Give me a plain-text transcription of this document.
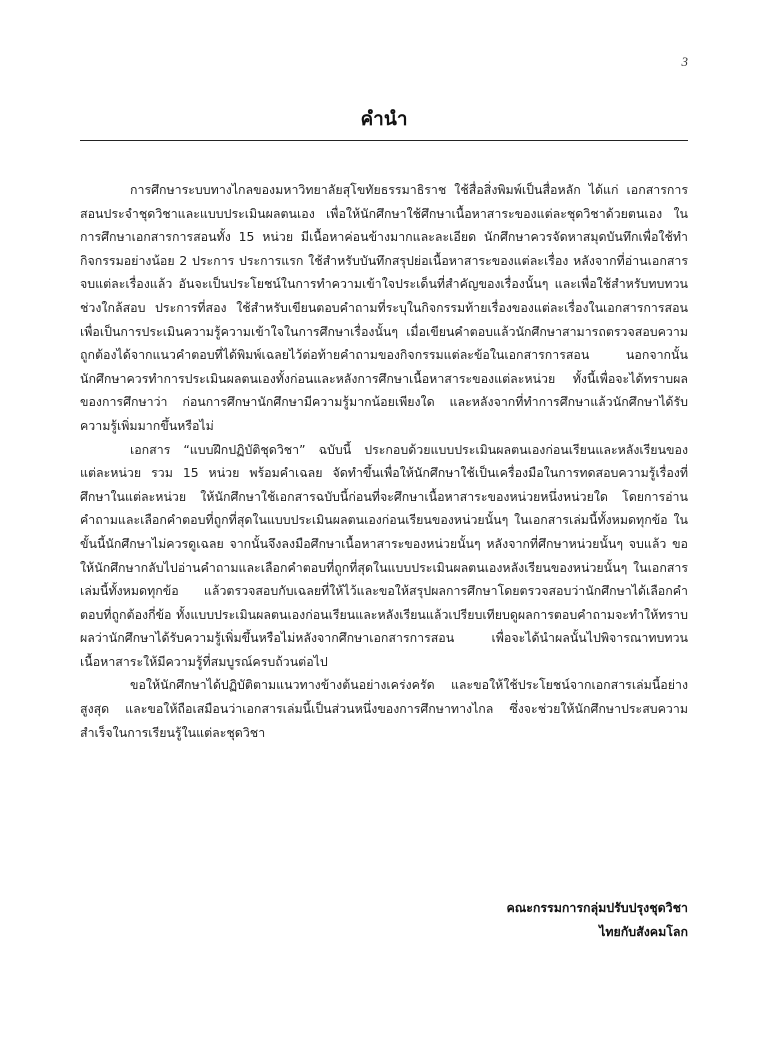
3
คำนำ

การศึกษาระบบทางไกลของมหาวิทยาลัยสุโขทัยธรรมาธิราช ใช้สื่อสิ่งพิมพ์เป็นสื่อหลัก ได้แก่ เอกสารการสอนประจำชุดวิชาและแบบประเมินผลตนเอง เพื่อให้นักศึกษาใช้ศึกษาเนื้อหาสาระของแต่ละชุดวิชาด้วยตนเอง ในการศึกษาเอกสารการสอนทั้ง 15 หน่วย มีเนื้อหาค่อนข้างมากและละเอียด นักศึกษาควรจัดหาสมุดบันทึกเพื่อใช้ทำกิจกรรมอย่างน้อย 2 ประการ ประการแรก ใช้สำหรับบันทึกสรุปย่อเนื้อหาสาระของแต่ละเรื่อง หลังจากที่อ่านเอกสารจบแต่ละเรื่องแล้ว อันจะเป็นประโยชน์ในการทำความเข้าใจประเด็นที่สำคัญของเรื่องนั้นๆ และเพื่อใช้สำหรับทบทวนช่วงใกล้สอบ ประการที่สอง ใช้สำหรับเขียนตอบคำถามที่ระบุในกิจกรรมท้ายเรื่องของแต่ละเรื่องในเอกสารการสอน เพื่อเป็นการประเมินความรู้ความเข้าใจในการศึกษาเรื่องนั้นๆ เมื่อเขียนคำตอบแล้วนักศึกษาสามารถตรวจสอบความถูกต้องได้จากแนวคำตอบที่ได้พิมพ์เฉลยไว้ต่อท้ายคำถามของกิจกรรมแต่ละข้อในเอกสารการสอน นอกจากนั้น นักศึกษาควรทำการประเมินผลตนเองทั้งก่อนและหลังการศึกษาเนื้อหาสาระของแต่ละหน่วย ทั้งนี้เพื่อจะได้ทราบผลของการศึกษาว่า ก่อนการศึกษานักศึกษามีความรู้มากน้อยเพียงใด และหลังจากที่ทำการศึกษาแล้วนักศึกษาได้รับความรู้เพิ่มมากขึ้นหรือไม่

เอกสาร “แบบฝึกปฏิบัติชุดวิชา” ฉบับนี้ ประกอบด้วยแบบประเมินผลตนเองก่อนเรียนและหลังเรียนของแต่ละหน่วย รวม 15 หน่วย พร้อมคำเฉลย จัดทำขึ้นเพื่อให้นักศึกษาใช้เป็นเครื่องมือในการทดสอบความรู้เรื่องที่ศึกษาในแต่ละหน่วย ให้นักศึกษาใช้เอกสารฉบับนี้ก่อนที่จะศึกษาเนื้อหาสาระของหน่วยหนึ่งหน่วยใด โดยการอ่านคำถามและเลือกคำตอบที่ถูกที่สุดในแบบประเมินผลตนเองก่อนเรียนของหน่วยนั้นๆ ในเอกสารเล่มนี้ทั้งหมดทุกข้อ ในขั้นนี้นักศึกษาไม่ควรดูเฉลย จากนั้นจึงลงมือศึกษาเนื้อหาสาระของหน่วยนั้นๆ หลังจากที่ศึกษาหน่วยนั้นๆ จบแล้ว ขอให้นักศึกษากลับไปอ่านคำถามและเลือกคำตอบที่ถูกที่สุดในแบบประเมินผลตนเองหลังเรียนของหน่วยนั้นๆ ในเอกสารเล่มนี้ทั้งหมดทุกข้อ แล้วตรวจสอบกับเฉลยที่ให้ไว้และขอให้สรุปผลการศึกษาโดยตรวจสอบว่านักศึกษาได้เลือกคำตอบที่ถูกต้องกี่ข้อ ทั้งแบบประเมินผลตนเองก่อนเรียนและหลังเรียนแล้วเปรียบเทียบดูผลการตอบคำถามจะทำให้ทราบผลว่านักศึกษาได้รับความรู้เพิ่มขึ้นหรือไม่หลังจากศึกษาเอกสารการสอน เพื่อจะได้นำผลนั้นไปพิจารณาทบทวนเนื้อหาสาระให้มีความรู้ที่สมบูรณ์ครบถ้วนต่อไป

ขอให้นักศึกษาได้ปฏิบัติตามแนวทางข้างต้นอย่างเคร่งครัด และขอให้ใช้ประโยชน์จากเอกสารเล่มนี้อย่างสูงสุด และขอให้ถือเสมือนว่าเอกสารเล่มนี้เป็นส่วนหนึ่งของการศึกษาทางไกล ซึ่งจะช่วยให้นักศึกษาประสบความสำเร็จในการเรียนรู้ในแต่ละชุดวิชา

คณะกรรมการกลุ่มปรับปรุงชุดวิชา
ไทยกับสังคมโลก
